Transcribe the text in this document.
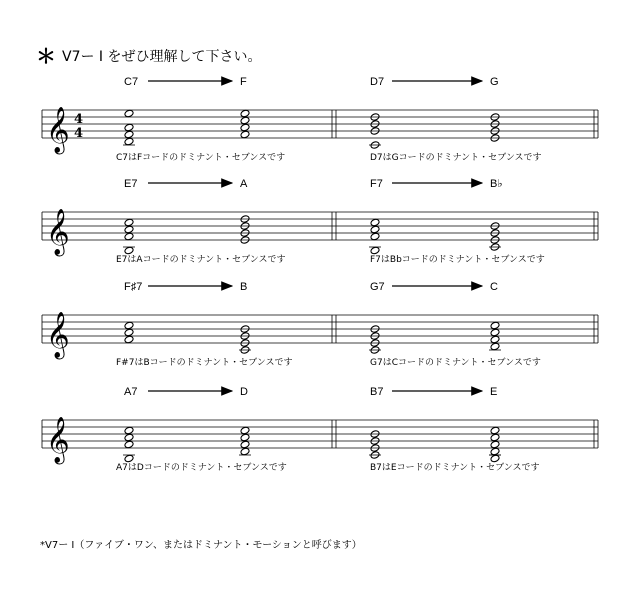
＊ V7ー I をぜひ理解して下さい。
𝄞 4
4
C7	F
C7はFコードのドミナント・セブンスです
D7	G
D7はGコードのドミナント・セブンスです
𝄞
E7	A
E7はAコードのドミナント・セブンスです
F7	B♭
F7はBbコードのドミナント・セブンスです
𝄞
F♯7	B
F#7はBコードのドミナント・セブンスです
G7	C
G7はCコードのドミナント・セブンスです
𝄞
A7	D
A7はDコードのドミナント・セブンスです
B7	E
B7はEコードのドミナント・セブンスです
*V7ー I（ファイブ・ワン、またはドミナント・モーションと呼びます）
